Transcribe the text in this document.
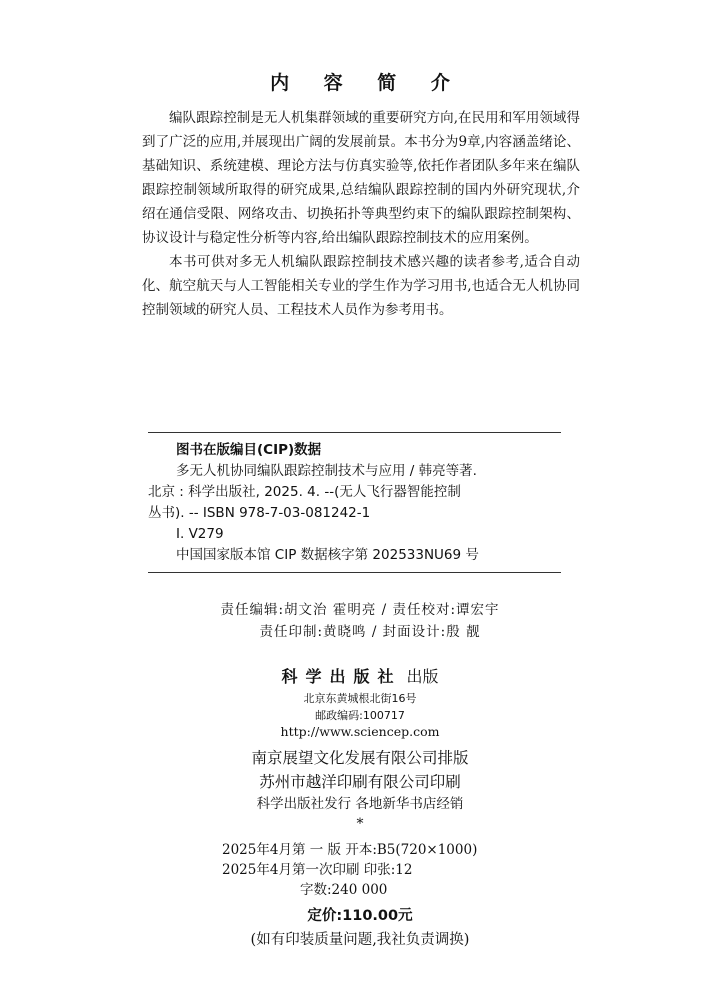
内 容 简 介

编队跟踪控制是无人机集群领域的重要研究方向,在民用和军用领域得到了广泛的应用,并展现出广阔的发展前景。本书分为9章,内容涵盖绪论、基础知识、系统建模、理论方法与仿真实验等,依托作者团队多年来在编队跟踪控制领域所取得的研究成果,总结编队跟踪控制的国内外研究现状,介绍在通信受限、网络攻击、切换拓扑等典型约束下的编队跟踪控制架构、协议设计与稳定性分析等内容,给出编队跟踪控制技术的应用案例。

本书可供对多无人机编队跟踪控制技术感兴趣的读者参考,适合自动化、航空航天与人工智能相关专业的学生作为学习用书,也适合无人机协同控制领域的研究人员、工程技术人员作为参考用书。

图书在版编目(CIP)数据
多无人机协同编队跟踪控制技术与应用 / 韩亮等著.
北京 : 科学出版社, 2025. 4. --(无人飞行器智能控制
丛书). -- ISBN 978-7-03-081242-1
Ⅰ. V279
中国国家版本馆 CIP 数据核字第 202533NU69 号
责任编辑:胡文治 霍明亮 / 责任校对:谭宏宇
责任印制:黄晓鸣 / 封面设计:殷 靓
科学出版社 出版
北京东黄城根北街16号
邮政编码:100717
http://www.sciencep.com
南京展望文化发展有限公司排版
苏州市越洋印刷有限公司印刷
科学出版社发行 各地新华书店经销
*
2025年4月第 一 版 开本:B5(720×1000)
2025年4月第一次印刷 印张:12
字数:240 000
定价:110.00元
(如有印装质量问题,我社负责调换)
